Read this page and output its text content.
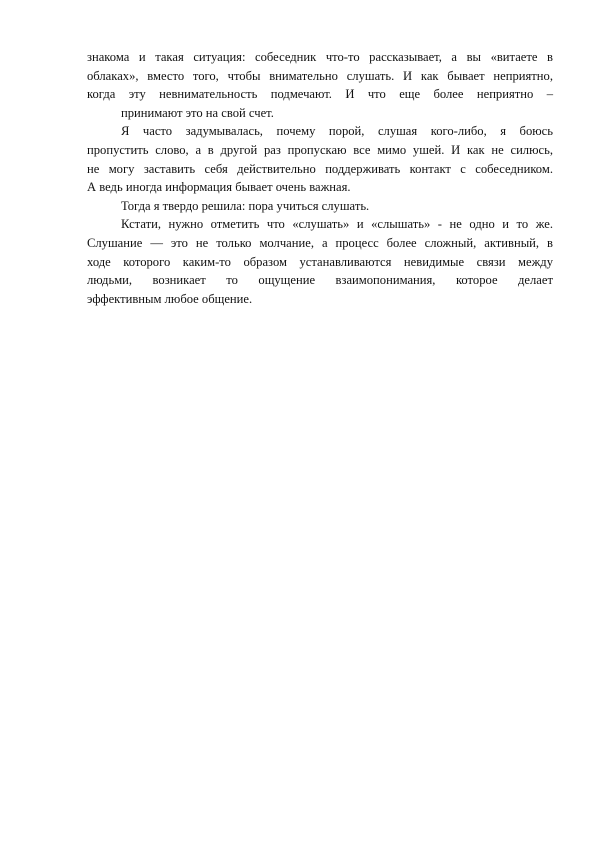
знакома и такая ситуация: собеседник что-то рассказывает, а вы «витаете в
облаках», вместо того, чтобы внимательно слушать. И как бывает неприятно,
когда эту невнимательность подмечают. И что еще более неприятно –
принимают это на свой счет.
Я часто задумывалась, почему порой, слушая кого-либо, я боюсь
пропустить слово, а в другой раз пропускаю все мимо ушей. И как не силюсь,
не могу заставить себя действительно поддерживать контакт с собеседником.
А ведь иногда информация бывает очень важная.
Тогда я твердо решила: пора учиться слушать.
Кстати, нужно отметить что «слушать» и «слышать» - не одно и то же.
Слушание — это не только молчание, а процесс более сложный, активный, в
ходе которого каким-то образом устанавливаются невидимые связи между
людьми, возникает то ощущение взаимопонимания, которое делает
эффективным любое общение.
